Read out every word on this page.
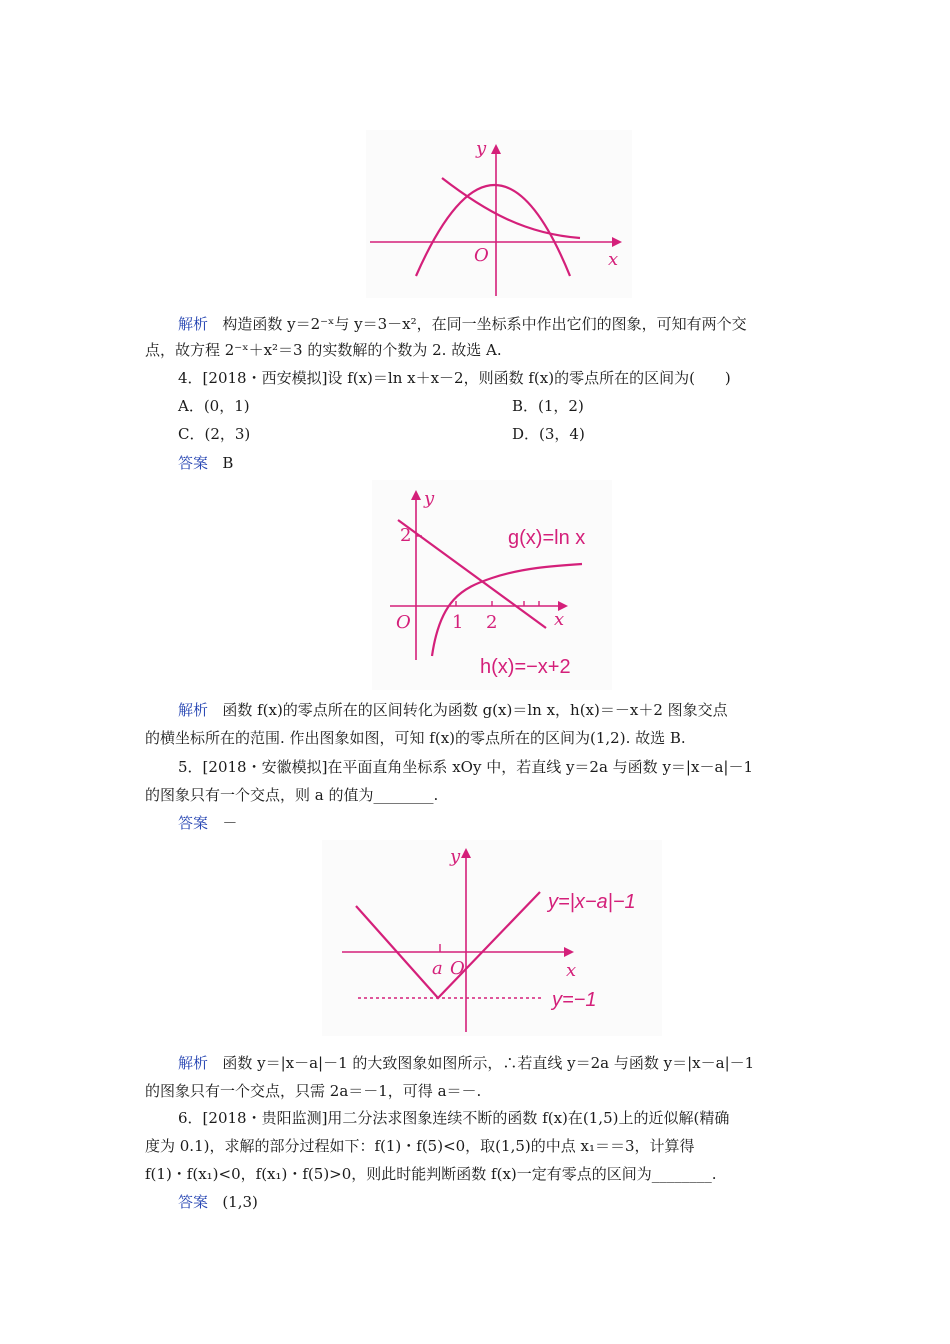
y
x
O
解析 构造函数 y＝2⁻ˣ与 y＝3－x²，在同一坐标系中作出它们的图象，可知有两个交
点，故方程 2⁻ˣ＋x²＝3 的实数解的个数为 2. 故选 A.
4．[2018・西安模拟]设 f(x)＝ln x＋x－2，则函数 f(x)的零点所在的区间为(　　)
A．(0，1)	B．(1，2)
C．(2，3)	D．(3，4)
答案 B
y
2
O 1 2	x
g(x)=ln x
h(x)=−x+2
解析 函数 f(x)的零点所在的区间转化为函数 g(x)＝ln x，h(x)＝－x＋2 图象交点
的横坐标所在的范围. 作出图象如图，可知 f(x)的零点所在的区间为(1,2). 故选 B.
5．[2018・安徽模拟]在平面直角坐标系 xOy 中，若直线 y＝2a 与函数 y＝|x－a|－1
的图象只有一个交点，则 a 的值为________.
答案 －
y
a O	x
y=|x−a|−1
y=−1
解析 函数 y＝|x－a|－1 的大致图象如图所示，∴若直线 y＝2a 与函数 y＝|x－a|－1
的图象只有一个交点，只需 2a＝－1，可得 a＝－.
6．[2018・贵阳监测]用二分法求图象连续不断的函数 f(x)在(1,5)上的近似解(精确
度为 0.1)，求解的部分过程如下：f(1)・f(5)<0，取(1,5)的中点 x₁＝＝3，计算得
f(1)・f(x₁)<0，f(x₁)・f(5)>0，则此时能判断函数 f(x)一定有零点的区间为________.
答案 (1,3)
